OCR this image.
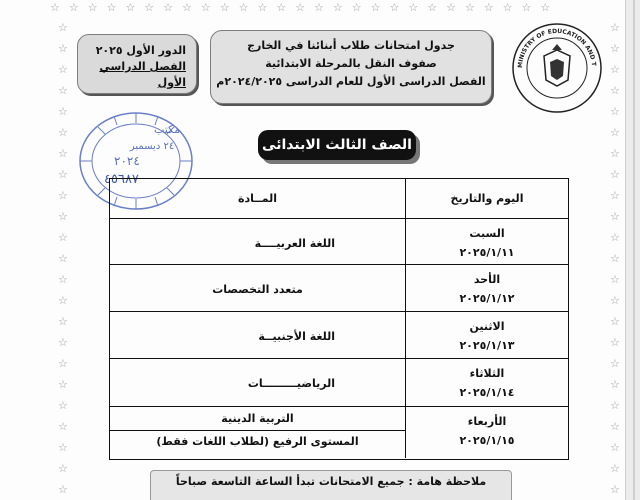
☆☆☆☆☆☆☆☆☆☆☆☆☆☆☆☆☆☆☆☆☆☆☆☆☆☆☆
☆
☆
☆
☆
☆
☆
☆
☆
☆
☆
☆
☆
☆
☆
☆
☆
☆
☆
☆
☆
☆
☆
☆
☆
☆
☆
☆
☆
☆
☆
☆
☆
☆
☆
☆
☆
☆
☆
☆
☆
☆
☆
☆
☆
☆
☆
MINISTRY OF EDUCATION AND T
جدول امتحانات طلاب أبنائنا في الخارج
صفوف النقل بالمرحلة الابتدائية
الفصل الدراسى الأول للعام الدراسى ٢٠٢٤/٢٠٢٥م
الدور الأول ٢٠٢٥
الفصل الدراسي الأول
مكتب
٢٤ ديسمبر
٢٠٢٤
٤٥٦٨٧
الصف الثالث الابتدائى
اليوم والتاريخ
المــادة
السبت
٢٠٢٥/١/١١
اللغة العربيــــة
الأحد
٢٠٢٥/١/١٢
متعدد التخصصات
الاثنين
٢٠٢٥/١/١٣
اللغة الأجنبيــة
الثلاثاء
٢٠٢٥/١/١٤
الرياضيـــــــــات
الأربعاء
٢٠٢٥/١/١٥
التربية الدينية
المستوى الرفيع (لطلاب اللغات فقط)
ملاحظة هامة : جميع الامتحانات تبدأ الساعة التاسعة صباحاً
